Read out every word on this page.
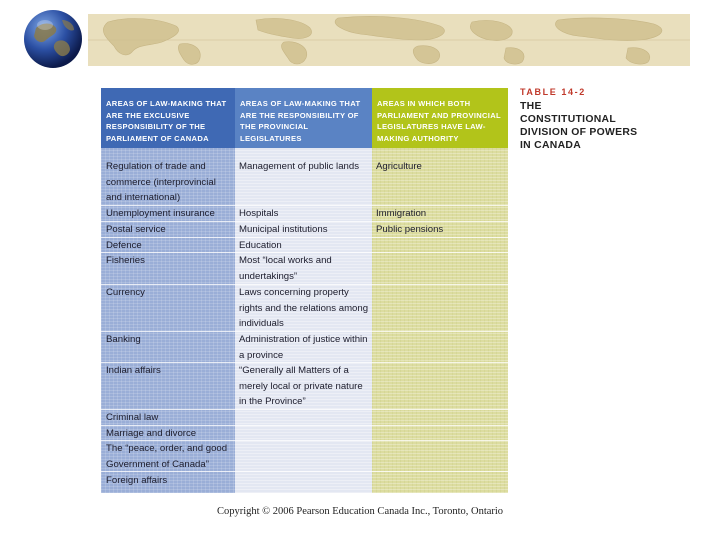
AREAS OF LAW-MAKING THAT ARE THE EXCLUSIVE RESPONSIBILITY OF THE PARLIAMENT OF CANADA
AREAS OF LAW-MAKING THAT ARE THE RESPONSIBILITY OF THE PROVINCIAL LEGISLATURES
AREAS IN WHICH BOTH PARLIAMENT AND PROVINCIAL LEGISLATURES HAVE LAW-MAKING AUTHORITY
Regulation of trade and commerce (interprovincial and international)
Unemployment insurance
Postal service
Defence
Fisheries
Currency
Banking
Indian affairs
Criminal law
Marriage and divorce
The “peace, order, and good Government of Canada”
Foreign affairs
Management of public lands
Hospitals
Municipal institutions
Education
Most “local works and undertakings”
Laws concerning property rights and the relations among individuals
Administration of justice within a province
“Generally all Matters of a merely local or private nature in the Province”
Agriculture
Immigration
Public pensions
TABLE 14-2
THE CONSTITUTIONAL DIVISION OF POWERS IN CANADA
Copyright © 2006 Pearson Education Canada Inc., Toronto, Ontario
